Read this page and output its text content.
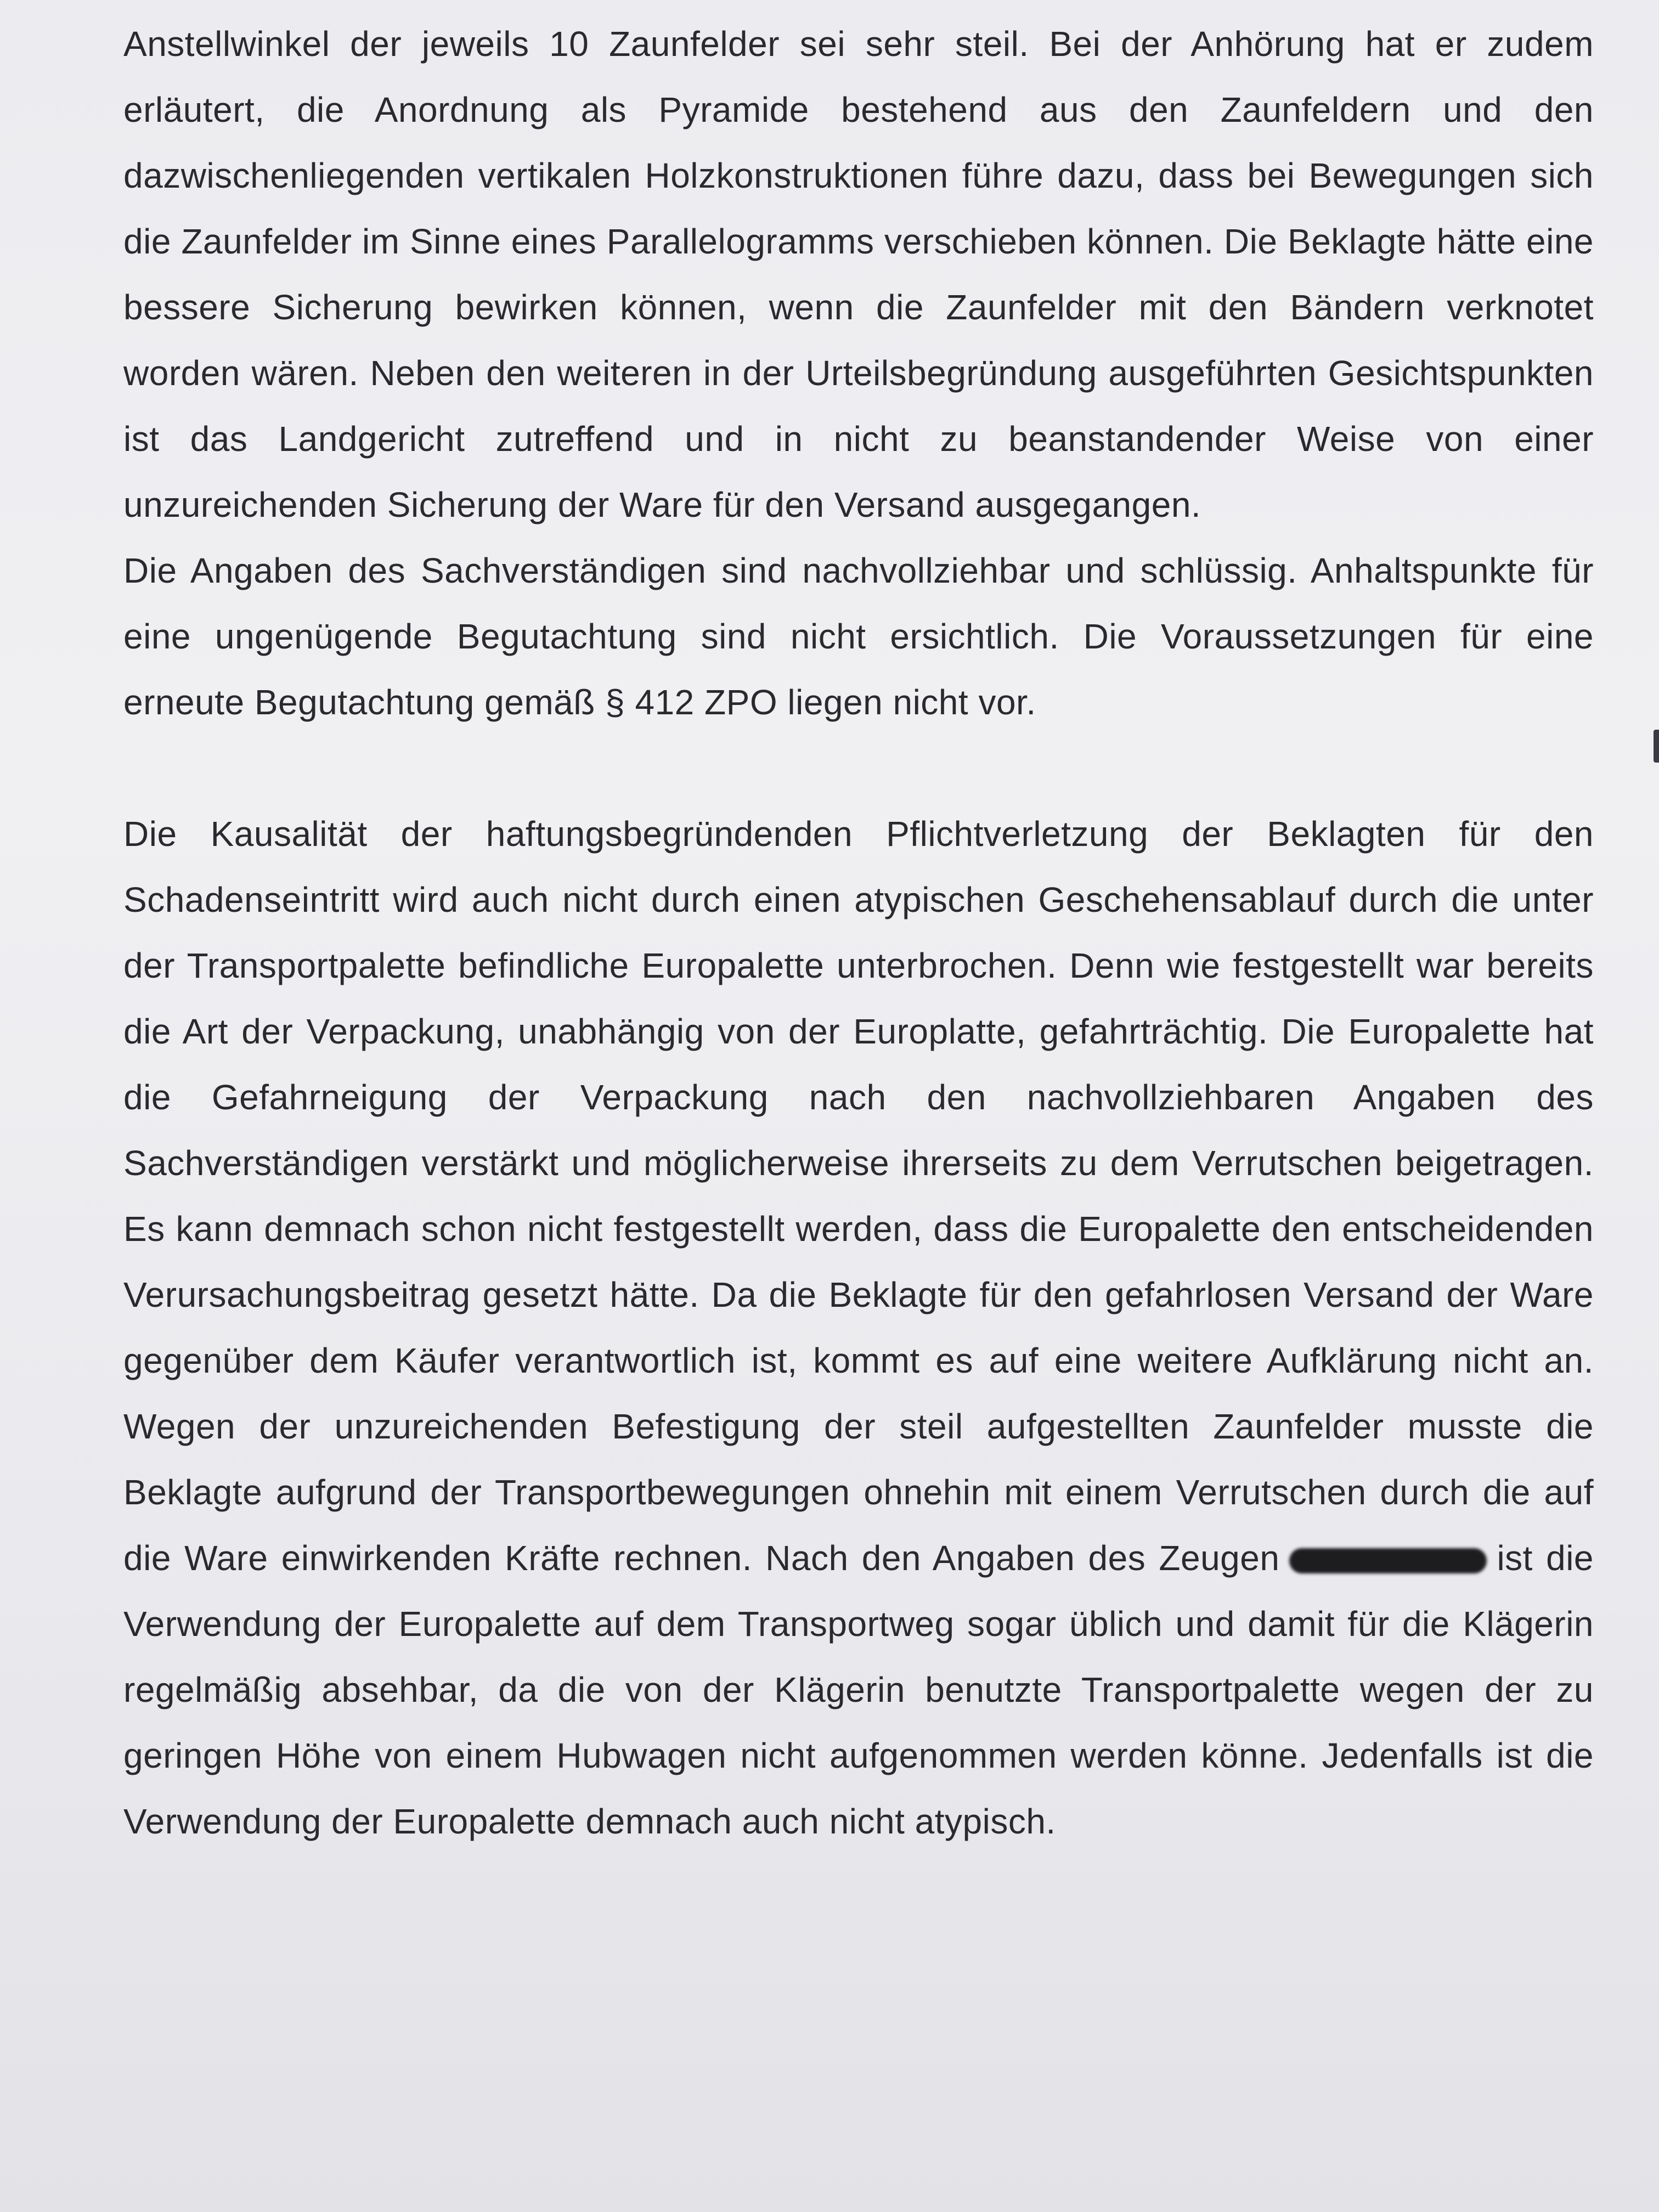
Anstellwinkel der jeweils 10 Zaunfelder sei sehr steil. Bei der Anhörung hat er zudem erläutert, die Anordnung als Pyramide bestehend aus den Zaunfeldern und den dazwischenliegenden vertikalen Holzkonstruktionen führe dazu, dass bei Bewegungen sich die Zaunfelder im Sinne eines Parallelogramms verschieben können. Die Beklagte hätte eine bessere Sicherung bewirken können, wenn die Zaunfelder mit den Bändern verknotet worden wären. Neben den weiteren in der Urteilsbegründung ausgeführten Gesichtspunkten ist das Landgericht zutreffend und in nicht zu beanstandender Weise von einer unzureichenden Sicherung der Ware für den Versand ausgegangen.

Die Angaben des Sachverständigen sind nachvollziehbar und schlüssig. Anhaltspunkte für eine ungenügende Begutachtung sind nicht ersichtlich. Die Voraussetzungen für eine erneute Begutachtung gemäß § 412 ZPO liegen nicht vor.

Die Kausalität der haftungsbegründenden Pflichtverletzung der Beklagten für den Schadenseintritt wird auch nicht durch einen atypischen Geschehensablauf durch die unter der Transportpalette befindliche Europalette unterbrochen. Denn wie festgestellt war bereits die Art der Verpackung, unabhängig von der Europlatte, gefahrträchtig. Die Europalette hat die Gefahrneigung der Verpackung nach den nachvollziehbaren Angaben des Sachverständigen verstärkt und möglicherweise ihrerseits zu dem Verrutschen beigetragen. Es kann demnach schon nicht festgestellt werden, dass die Europalette den entscheidenden Verursachungsbeitrag gesetzt hätte. Da die Beklagte für den gefahrlosen Versand der Ware gegenüber dem Käufer verantwortlich ist, kommt es auf eine weitere Aufklärung nicht an. Wegen der unzureichenden Befestigung der steil aufgestellten Zaunfelder musste die Beklagte aufgrund der Transportbewegungen ohnehin mit einem Verrutschen durch die auf die Ware einwirkenden Kräfte rechnen. Nach den Angaben des Zeugen	ist die Verwendung der Europalette auf dem Transportweg sogar üblich und damit für die Klägerin regelmäßig absehbar, da die von der Klägerin benutzte Transportpalette wegen der zu geringen Höhe von einem Hubwagen nicht aufgenommen werden könne. Jedenfalls ist die Verwendung der Europalette demnach auch nicht atypisch.
